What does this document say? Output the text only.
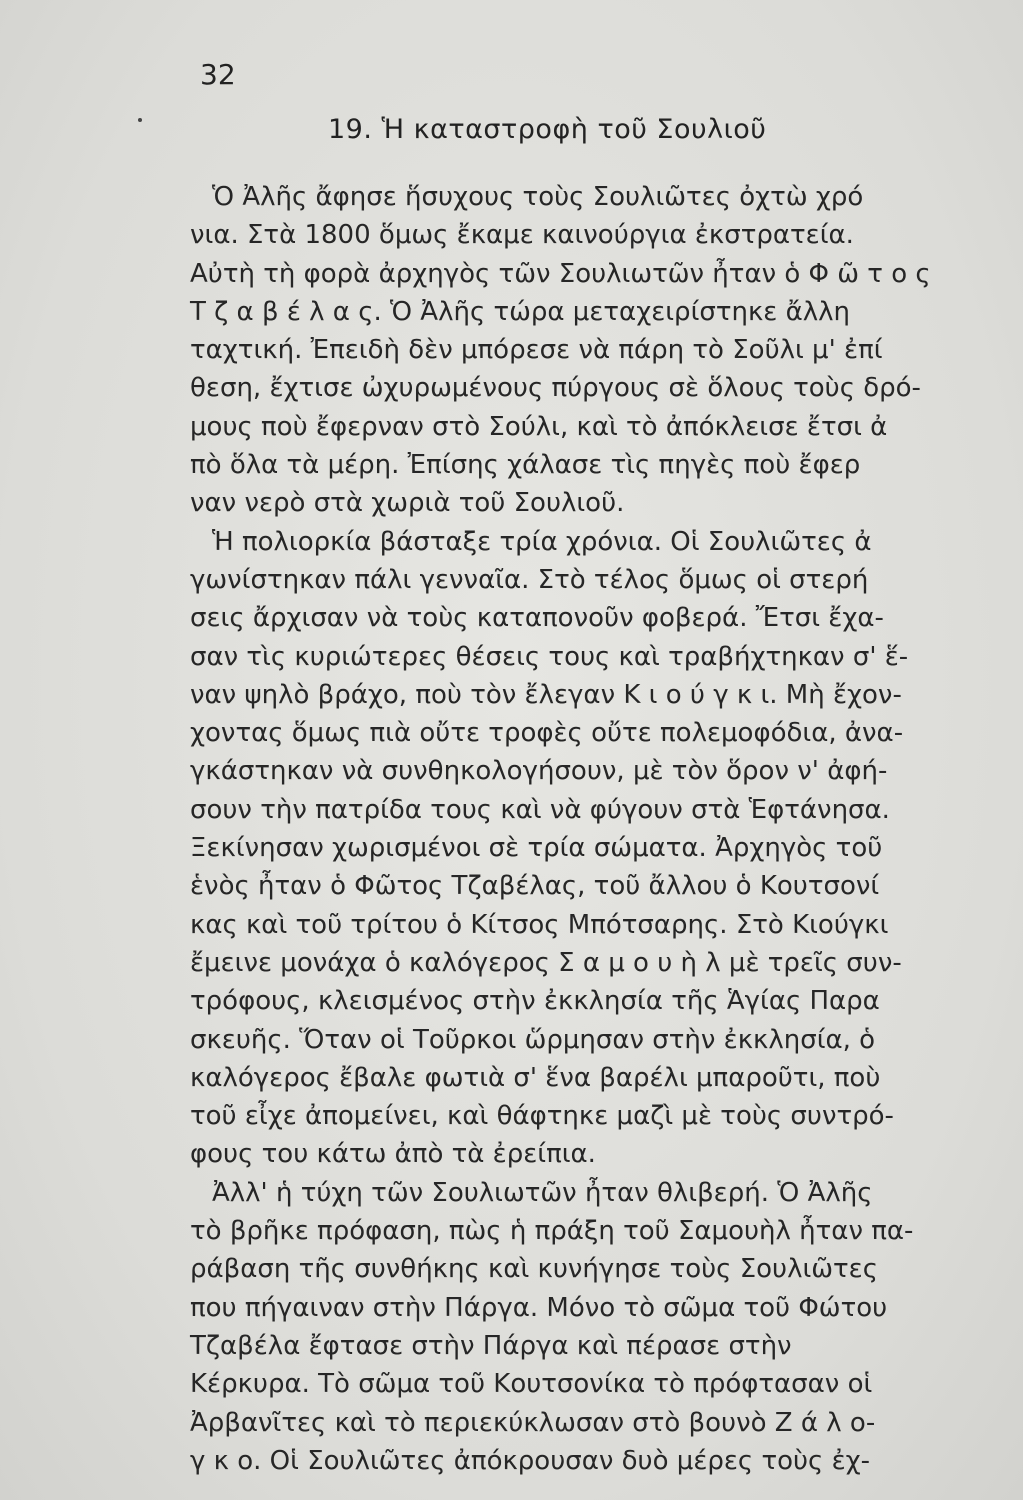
32
19. Ἡ καταστροφὴ τοῦ Σουλιοῦ
Ὁ Ἀλῆς ἄφησε ἥσυχους τοὺς Σουλιῶτες ὀχτὼ χρό
νια. Στὰ 1800 ὅμως ἔκαμε καινούργια ἐκστρατεία.
Αὐτὴ τὴ φορὰ ἀρχηγὸς τῶν Σουλιωτῶν ἦταν ὁ Φ ῶ τ ο ς
Τ ζ α β έ λ α ς. Ὁ Ἀλῆς τώρα μεταχειρίστηκε ἄλλη
ταχτική. Ἐπειδὴ δὲν μπόρεσε νὰ πάρη τὸ Σοῦλι μ' ἐπί
θεση, ἔχτισε ὠχυρωμένους πύργους σὲ ὅλους τοὺς δρό-
μους ποὺ ἔφερναν στὸ Σούλι, καὶ τὸ ἀπόκλεισε ἔτσι ἀ
πὸ ὅλα τὰ μέρη. Ἐπίσης χάλασε τὶς πηγὲς ποὺ ἔφερ
ναν νερὸ στὰ χωριὰ τοῦ Σουλιοῦ.
Ἡ πολιορκία βάσταξε τρία χρόνια. Οἱ Σουλιῶτες ἀ
γωνίστηκαν πάλι γενναῖα. Στὸ τέλος ὅμως οἱ στερή
σεις ἄρχισαν νὰ τοὺς καταπονοῦν φοβερά. Ἔτσι ἔχα-
σαν τὶς κυριώτερες θέσεις τους καὶ τραβήχτηκαν σ' ἕ-
ναν ψηλὸ βράχο, ποὺ τὸν ἔλεγαν Κ ι ο ύ γ κ ι. Μὴ ἔχον-
χοντας ὅμως πιὰ οὔτε τροφὲς οὔτε πολεμοφόδια, ἀνα-
γκάστηκαν νὰ συνθηκολογήσουν, μὲ τὸν ὅρον ν' ἀφή-
σουν τὴν πατρίδα τους καὶ νὰ φύγουν στὰ Ἑφτάνησα.
Ξεκίνησαν χωρισμένοι σὲ τρία σώματα. Ἀρχηγὸς τοῦ
ἑνὸς ἦταν ὁ Φῶτος Τζαβέλας, τοῦ ἄλλου ὁ Κουτσονί
κας καὶ τοῦ τρίτου ὁ Κίτσος Μπότσαρης. Στὸ Κιούγκι
ἔμεινε μονάχα ὁ καλόγερος Σ α μ ο υ ὴ λ μὲ τρεῖς συν-
τρόφους, κλεισμένος στὴν ἐκκλησία τῆς Ἁγίας Παρα
σκευῆς. Ὅταν οἱ Τοῦρκοι ὥρμησαν στὴν ἐκκλησία, ὁ
καλόγερος ἔβαλε φωτιὰ σ' ἕνα βαρέλι μπαροῦτι, ποὺ
τοῦ εἶχε ἀπομείνει, καὶ θάφτηκε μαζὶ μὲ τοὺς συντρό-
φους του κάτω ἀπὸ τὰ ἐρείπια.
Ἀλλ' ἡ τύχη τῶν Σουλιωτῶν ἦταν θλιβερή. Ὁ Ἀλῆς
τὸ βρῆκε πρόφαση, πὼς ἡ πράξη τοῦ Σαμουὴλ ἦταν πα-
ράβαση τῆς συνθήκης καὶ κυνήγησε τοὺς Σουλιῶτες
που πήγαιναν στὴν Πάργα. Μόνο τὸ σῶμα τοῦ Φώτου
Τζαβέλα ἔφτασε στὴν Πάργα καὶ πέρασε στὴν
Κέρκυρα. Τὸ σῶμα τοῦ Κουτσονίκα τὸ πρόφτασαν οἱ
Ἀρβανῖτες καὶ τὸ περιεκύκλωσαν στὸ βουνὸ Ζ ά λ ο-
γ κ ο. Οἱ Σουλιῶτες ἀπόκρουσαν δυὸ μέρες τοὺς ἐχ-
